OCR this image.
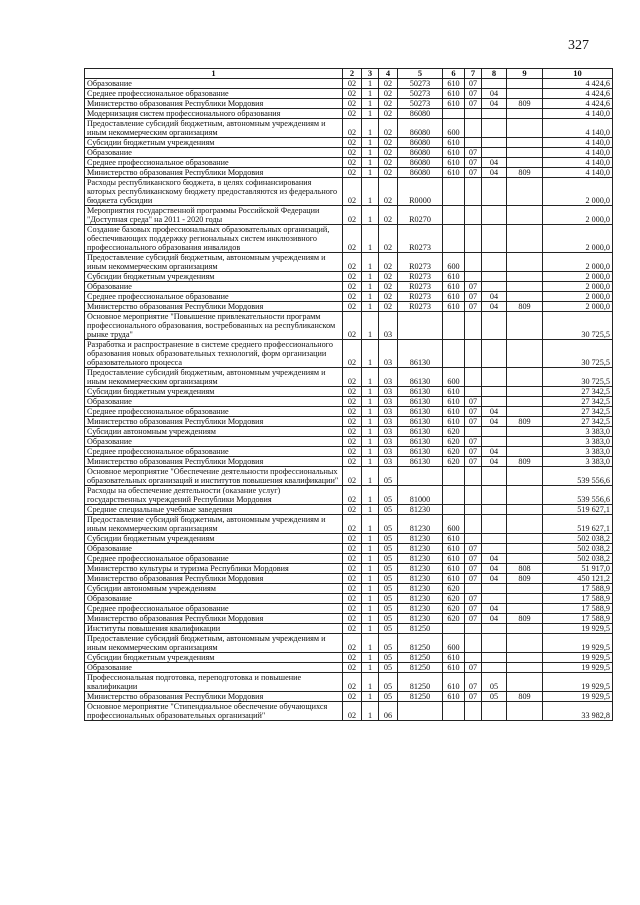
327
1	2	3	4	5	6	7	8	9	10
Образование	02	1	02	50273	610	07			4 424,6
Среднее профессиональное образование	02	1	02	50273	610	07	04		4 424,6
Министерство образования Республики Мордовия	02	1	02	50273	610	07	04	809	4 424,6
Модернизация систем профессионального образования	02	1	02	86080					4 140,0
Предоставление субсидий бюджетным, автономным учреждениям и иным некоммерческим организациям	02	1	02	86080	600				4 140,0
Субсидии бюджетным учреждениям	02	1	02	86080	610				4 140,0
Образование	02	1	02	86080	610	07			4 140,0
Среднее профессиональное образование	02	1	02	86080	610	07	04		4 140,0
Министерство образования Республики Мордовия	02	1	02	86080	610	07	04	809	4 140,0
Расходы республиканского бюджета, в целях софинансирования которых республиканскому бюджету предоставляются из федерального бюджета субсидии	02	1	02	R0000					2 000,0
Мероприятия государственной программы Российской Федерации "Доступная среда" на 2011 - 2020 годы	02	1	02	R0270					2 000,0
Создание базовых профессиональных образовательных организаций, обеспечивающих поддержку региональных систем инклюзивного профессионального образования инвалидов	02	1	02	R0273					2 000,0
Предоставление субсидий бюджетным, автономным учреждениям и иным некоммерческим организациям	02	1	02	R0273	600				2 000,0
Субсидии бюджетным учреждениям	02	1	02	R0273	610				2 000,0
Образование	02	1	02	R0273	610	07			2 000,0
Среднее профессиональное образование	02	1	02	R0273	610	07	04		2 000,0
Министерство образования Республики Мордовия	02	1	02	R0273	610	07	04	809	2 000,0
Основное мероприятие "Повышение привлекательности программ профессионального образования, востребованных на республиканском рынке труда"	02	1	03						30 725,5
Разработка и распространение в системе среднего профессионального образования новых образовательных технологий, форм организации образовательного процесса	02	1	03	86130					30 725,5
Предоставление субсидий бюджетным, автономным учреждениям и иным некоммерческим организациям	02	1	03	86130	600				30 725,5
Субсидии бюджетным учреждениям	02	1	03	86130	610				27 342,5
Образование	02	1	03	86130	610	07			27 342,5
Среднее профессиональное образование	02	1	03	86130	610	07	04		27 342,5
Министерство образования Республики Мордовия	02	1	03	86130	610	07	04	809	27 342,5
Субсидии автономным учреждениям	02	1	03	86130	620				3 383,0
Образование	02	1	03	86130	620	07			3 383,0
Среднее профессиональное образование	02	1	03	86130	620	07	04		3 383,0
Министерство образования Республики Мордовия	02	1	03	86130	620	07	04	809	3 383,0
Основное мероприятие "Обеспечение деятельности профессиональных образовательных организаций и институтов повышения квалификации"	02	1	05						539 556,6
Расходы на обеспечение деятельности (оказание услуг) государственных учреждений Республики Мордовия	02	1	05	81000					539 556,6
Средние специальные учебные заведения	02	1	05	81230					519 627,1
Предоставление субсидий бюджетным, автономным учреждениям и иным некоммерческим организациям	02	1	05	81230	600				519 627,1
Субсидии бюджетным учреждениям	02	1	05	81230	610				502 038,2
Образование	02	1	05	81230	610	07			502 038,2
Среднее профессиональное образование	02	1	05	81230	610	07	04		502 038,2
Министерство культуры и туризма Республики Мордовия	02	1	05	81230	610	07	04	808	51 917,0
Министерство образования Республики Мордовия	02	1	05	81230	610	07	04	809	450 121,2
Субсидии автономным учреждениям	02	1	05	81230	620				17 588,9
Образование	02	1	05	81230	620	07			17 588,9
Среднее профессиональное образование	02	1	05	81230	620	07	04		17 588,9
Министерство образования Республики Мордовия	02	1	05	81230	620	07	04	809	17 588,9
Институты повышения квалификации	02	1	05	81250					19 929,5
Предоставление субсидий бюджетным, автономным учреждениям и иным некоммерческим организациям	02	1	05	81250	600				19 929,5
Субсидии бюджетным учреждениям	02	1	05	81250	610				19 929,5
Образование	02	1	05	81250	610	07			19 929,5
Профессиональная подготовка, переподготовка и повышение квалификации	02	1	05	81250	610	07	05		19 929,5
Министерство образования Республики Мордовия	02	1	05	81250	610	07	05	809	19 929,5
Основное мероприятие "Стипендиальное обеспечение обучающихся профессиональных образовательных организаций"	02	1	06						33 982,8
